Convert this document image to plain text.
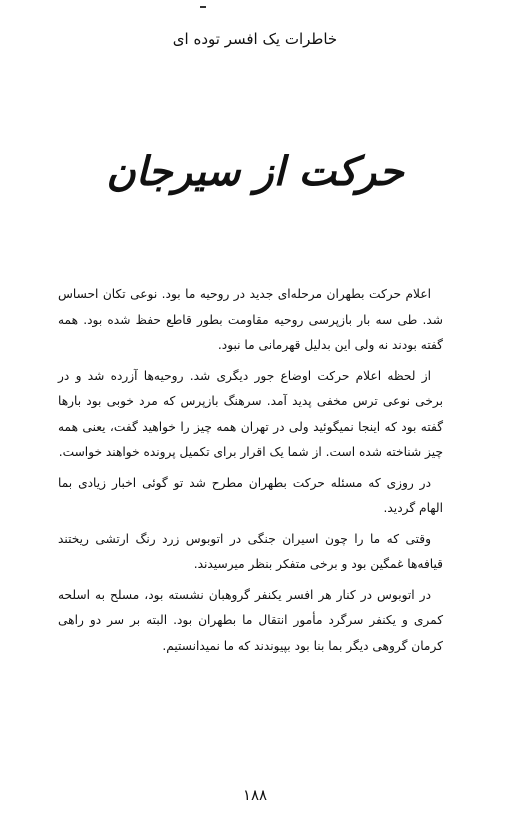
خاطرات یک افسر توده ای
حرکت از سیرجان

اعلام حرکت بطهران مرحله‌ای جدید در روحیه ما بود. نوعی تکان احساس شد. طی سه بار بازپرسی روحیه مقاومت بطور قاطع حفظ شده بود. همه گفته بودند نه ولی این بدلیل قهرمانی ما نبود.

از لحظه اعلام حرکت اوضاع جور دیگری شد. روحیه‌ها آزرده شد و در برخی نوعی ترس مخفی پدید آمد. سرهنگ بازپرس که مرد خوبی بود بارها گفته بود که اینجا نمیگوئید ولی در تهران همه چیز را خواهید گفت، یعنی همه چیز شناخته شده است. از شما یک اقرار برای تکمیل پرونده خواهند خواست.

در روزی که مسئله حرکت بطهران مطرح شد تو گوئی اخبار زیادی بما الهام گردید.

وقتی که ما را چون اسیران جنگی در اتوبوس زرد رنگ ارتشی ریختند قیافه‌ها غمگین بود و برخی متفکر بنظر میرسیدند.

در اتوبوس در کنار هر افسر یکنفر گروهبان نشسته بود، مسلح به اسلحه کمری و یکنفر سرگرد مأمور انتقال ما بطهران بود. البته بر سر دو راهی کرمان گروهی دیگر بما بنا بود بپیوندند که ما نمیدانستیم.

۱۸۸
